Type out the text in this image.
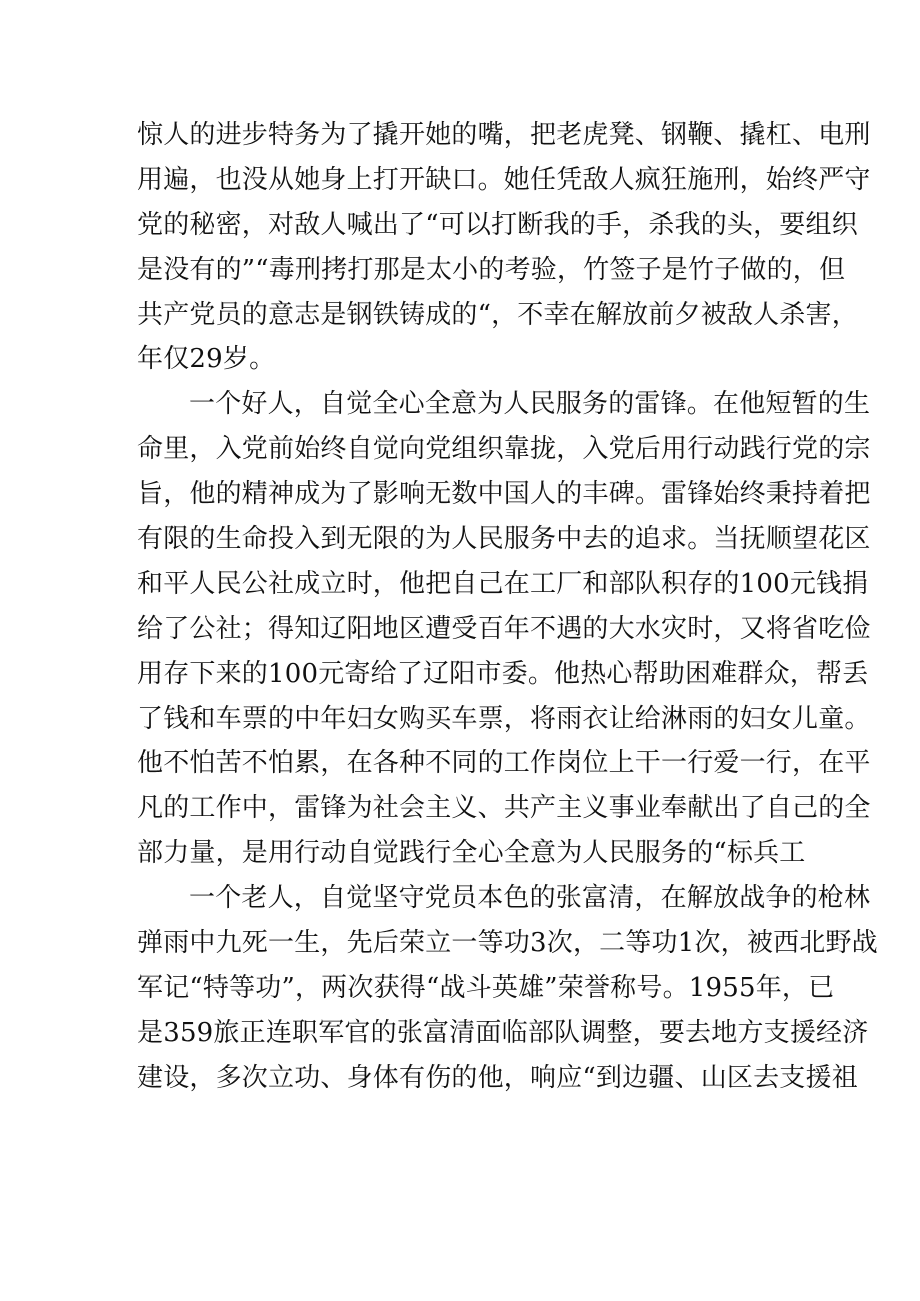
惊人的进步特务为了撬开她的嘴，把老虎凳、钢鞭、撬杠、电刑
用遍，也没从她身上打开缺口。她任凭敌人疯狂施刑，始终严守
党的秘密，对敌人喊出了“可以打断我的手，杀我的头，要组织
是没有的”“毒刑拷打那是太小的考验，竹签子是竹子做的，但
共产党员的意志是钢铁铸成的“，不幸在解放前夕被敌人杀害，
年仅29岁。
一个好人，自觉全心全意为人民服务的雷锋。在他短暂的生
命里，入党前始终自觉向党组织靠拢，入党后用行动践行党的宗
旨，他的精神成为了影响无数中国人的丰碑。雷锋始终秉持着把
有限的生命投入到无限的为人民服务中去的追求。当抚顺望花区
和平人民公社成立时，他把自己在工厂和部队积存的100元钱捐
给了公社；得知辽阳地区遭受百年不遇的大水灾时，又将省吃俭
用存下来的100元寄给了辽阳市委。他热心帮助困难群众，帮丢
了钱和车票的中年妇女购买车票，将雨衣让给淋雨的妇女儿童。
他不怕苦不怕累，在各种不同的工作岗位上干一行爱一行，在平
凡的工作中，雷锋为社会主义、共产主义事业奉献出了自己的全
部力量，是用行动自觉践行全心全意为人民服务的“标兵工
一个老人，自觉坚守党员本色的张富清，在解放战争的枪林
弹雨中九死一生，先后荣立一等功3次，二等功1次，被西北野战
军记“特等功”，两次获得“战斗英雄”荣誉称号。1955年，已
是359旅正连职军官的张富清面临部队调整，要去地方支援经济
建设，多次立功、身体有伤的他，响应“到边疆、山区去支援祖
